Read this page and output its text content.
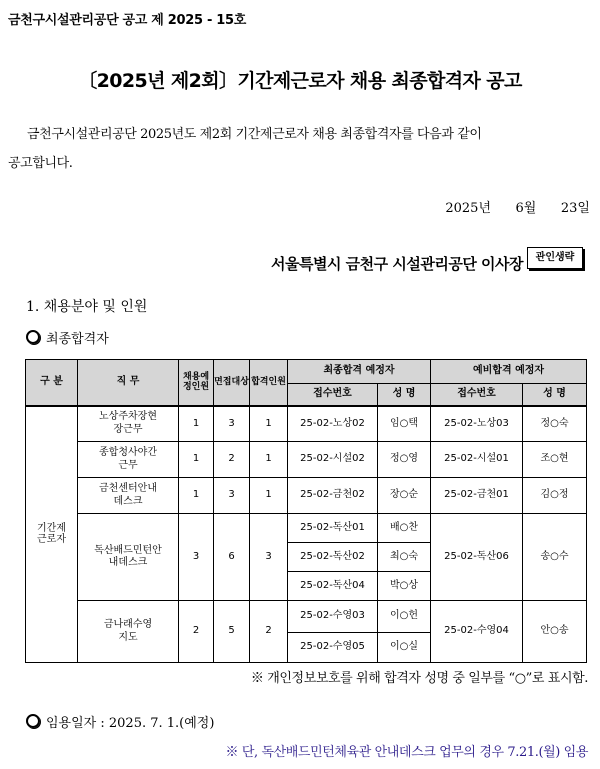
금천구시설관리공단 공고 제 2025 - 15호
〔2025년 제2회〕기간제근로자 채용 최종합격자 공고
금천구시설관리공단 2025년도 제2회 기간제근로자 채용 최종합격자를 다음과 같이
공고합니다.
2025년    6월    23일
서울특별시 금천구 시설관리공단 이사장	관인생략
1. 채용분야 및 인원
최종합격자
구 분	직 무	채용예정인원	면접대상	합격인원	최종합격 예정자		예비합격 예정자	
					접수번호	성 명	접수번호	성 명
기간제근로자	노상주차장현장근무	1	3	1	25-02-노상02	임○택	25-02-노상03	정○숙
	종합청사야간근무	1	2	1	25-02-시설02	정○영	25-02-시설01	조○현
	금천센터안내데스크	1	3	1	25-02-금천02	장○순	25-02-금천01	김○정
	독산배드민턴안내데스크	3	6	3	25-02-독산01	배○찬	25-02-독산06	송○수
					25-02-독산02	최○숙		
					25-02-독산04	박○상		
	금나래수영지도	2	5	2	25-02-수영03	이○헌	25-02-수영04	안○송
					25-02-수영05	이○실		
※ 개인정보보호를 위해 합격자 성명 중 일부를 “○”로 표시함.
임용일자 : 2025. 7. 1.(예정)
※ 단, 독산배드민턴체육관 안내데스크 업무의 경우 7.21.(월) 임용
